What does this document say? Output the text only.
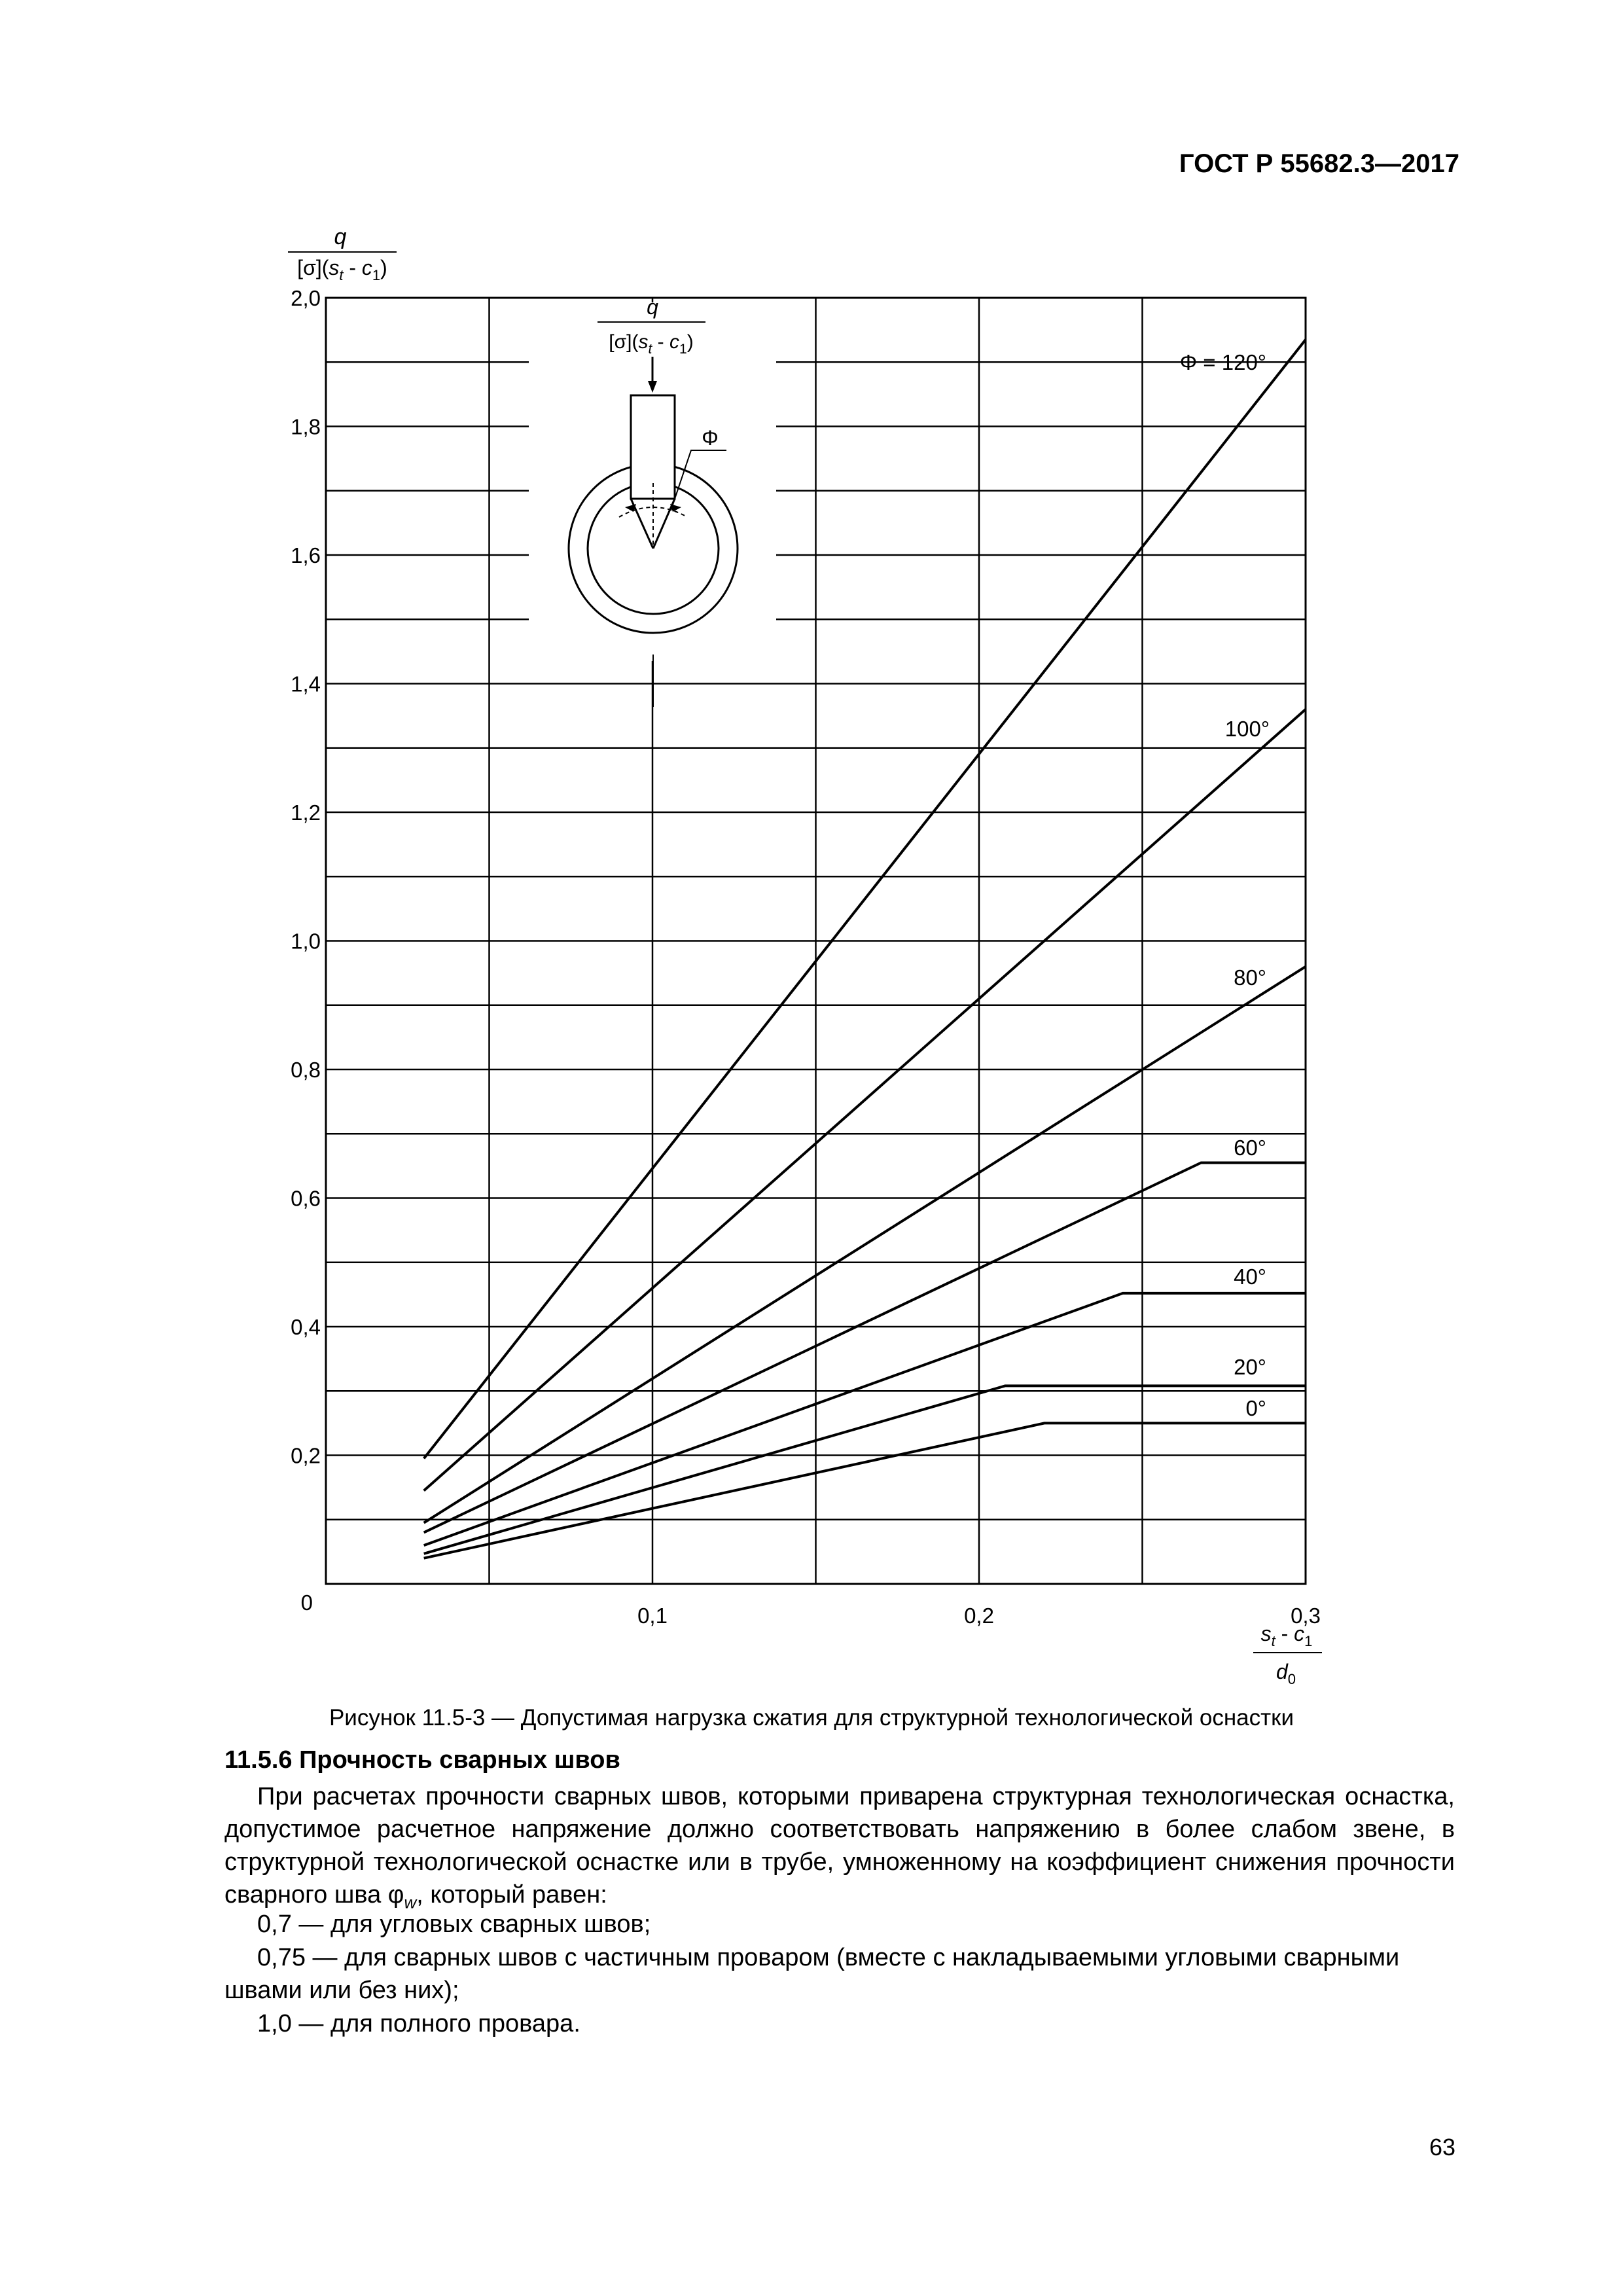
ГОСТ Р 55682.3—2017
0
0,2
0,4
0,6
0,8
1,0
1,2
1,4
1,6
1,8
2,0
0,1	0,2	0,3
q
$[\sigma](s_t - c_1)$
$s_t - c_1$
$d_0$
Φ = 120°
100°
80°
60°
40°
20°
0°
q
$[\sigma](s_t - c_1)$
Φ
Рисунок 11.5-3 — Допустимая нагрузка сжатия для структурной технологической оснастки
11.5.6 Прочность сварных швов
При расчетах прочности сварных швов, которыми приварена структурная технологическая оснастка, допустимое расчетное напряжение должно соответствовать напряжению в более слабом звене, в структурной технологической оснастке или в трубе, умноженному на коэффициент снижения прочности сварного шва $\varphi_w$, который равен:
0,7 — для угловых сварных швов;
0,75 — для сварных швов с частичным проваром (вместе с накладываемыми угловыми сварными швами или без них);
1,0 — для полного провара.
63
